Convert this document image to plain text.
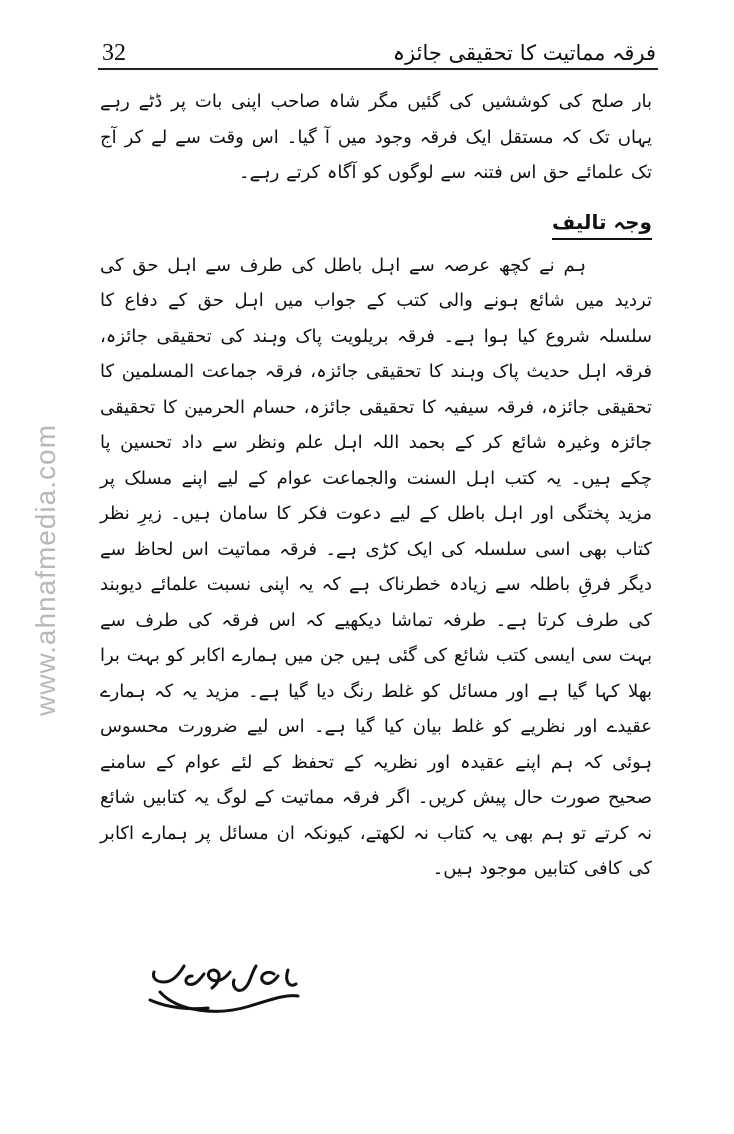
www.ahnafmedia.com
32	فرقہ مماتیت کا تحقیقی جائزہ

بار صلح کی کوششیں کی گئیں مگر شاہ صاحب اپنی بات پر ڈٹے رہے یہاں تک کہ مستقل ایک فرقہ وجود میں آ گیا۔ اس وقت سے لے کر آج تک علمائے حق اس فتنہ سے لوگوں کو آگاہ کرتے رہے۔

وجہ تالیف

ہم نے کچھ عرصہ سے اہل باطل کی طرف سے اہل حق کی تردید میں شائع ہونے والی کتب کے جواب میں اہل حق کے دفاع کا سلسلہ شروع کیا ہوا ہے۔ فرقہ بریلویت پاک وہند کی تحقیقی جائزہ، فرقہ اہل حدیث پاک وہند کا تحقیقی جائزہ، فرقہ جماعت المسلمین کا تحقیقی جائزہ، فرقہ سیفیہ کا تحقیقی جائزہ، حسام الحرمین کا تحقیقی جائزہ وغیرہ شائع کر کے بحمد اللہ اہل علم ونظر سے داد تحسین پا چکے ہیں۔ یہ کتب اہل السنت والجماعت عوام کے لیے اپنے مسلک پر مزید پختگی اور اہل باطل کے لیے دعوت فکر کا سامان ہیں۔ زیرِ نظر کتاب بھی اسی سلسلہ کی ایک کڑی ہے۔ فرقہ مماتیت اس لحاظ سے دیگر فرقِ باطلہ سے زیادہ خطرناک ہے کہ یہ اپنی نسبت علمائے دیوبند کی طرف کرتا ہے۔ طرفہ تماشا دیکھیے کہ اس فرقہ کی طرف سے بہت سی ایسی کتب شائع کی گئی ہیں جن میں ہمارے اکابر کو بہت برا بھلا کہا گیا ہے اور مسائل کو غلط رنگ دیا گیا ہے۔ مزید یہ کہ ہمارے عقیدے اور نظریے کو غلط بیان کیا گیا ہے۔ اس لیے ضرورت محسوس ہوئی کہ ہم اپنے عقیدہ اور نظریہ کے تحفظ کے لئے عوام کے سامنے صحیح صورت حال پیش کریں۔ اگر فرقہ مماتیت کے لوگ یہ کتابیں شائع نہ کرتے تو ہم بھی یہ کتاب نہ لکھتے، کیونکہ ان مسائل پر ہمارے اکابر کی کافی کتابیں موجود ہیں۔
